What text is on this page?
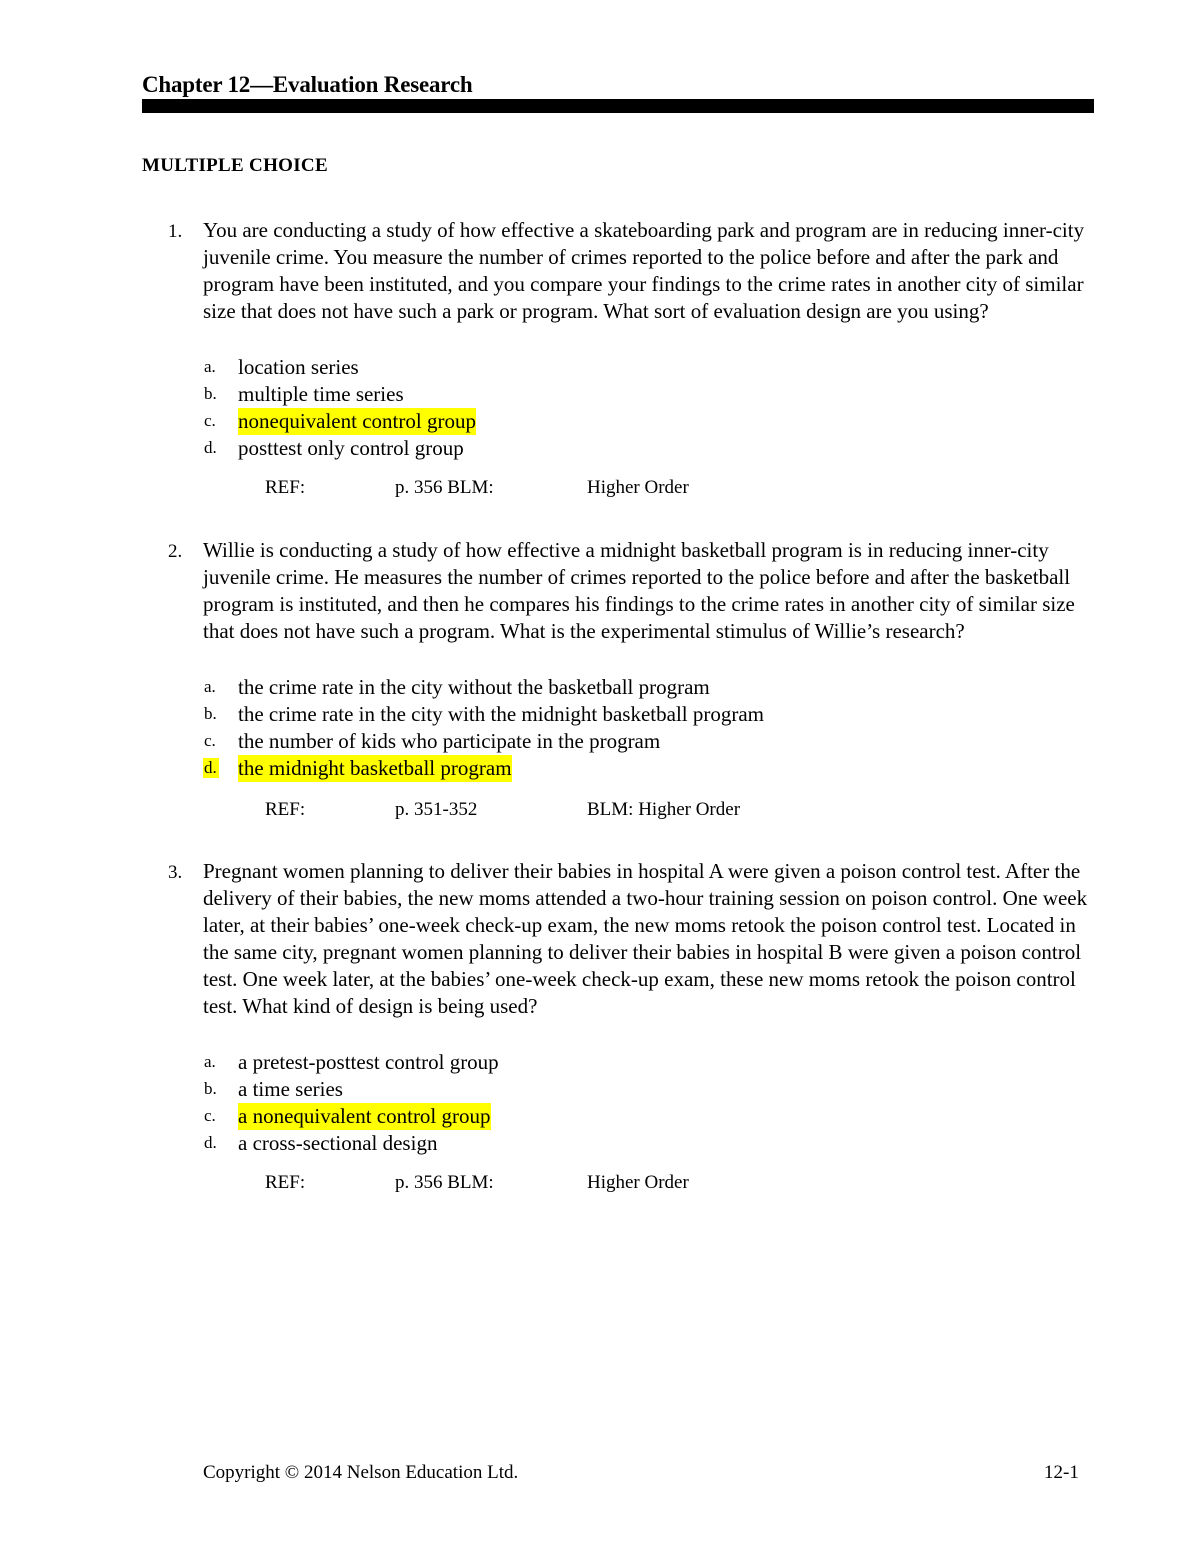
Chapter 12—Evaluation Research
MULTIPLE CHOICE
1. You are conducting a study of how effective a skateboarding park and program are in reducing inner-city juvenile crime. You measure the number of crimes reported to the police before and after the park and program have been instituted, and you compare your findings to the crime rates in another city of similar size that does not have such a park or program. What sort of evaluation design are you using?
a. location series
b. multiple time series
c. nonequivalent control group
d. posttest only control group
REF:	p. 356 BLM:	Higher Order
2. Willie is conducting a study of how effective a midnight basketball program is in reducing inner-city juvenile crime. He measures the number of crimes reported to the police before and after the basketball program is instituted, and then he compares his findings to the crime rates in another city of similar size that does not have such a program. What is the experimental stimulus of Willie’s research?
a. the crime rate in the city without the basketball program
b. the crime rate in the city with the midnight basketball program
c. the number of kids who participate in the program
d. the midnight basketball program
REF:	p. 351-352	BLM: Higher Order
3. Pregnant women planning to deliver their babies in hospital A were given a poison control test. After the delivery of their babies, the new moms attended a two-hour training session on poison control. One week later, at their babies’ one-week check-up exam, the new moms retook the poison control test. Located in the same city, pregnant women planning to deliver their babies in hospital B were given a poison control test. One week later, at the babies’ one-week check-up exam, these new moms retook the poison control test. What kind of design is being used?
a. a pretest-posttest control group
b. a time series
c. a nonequivalent control group
d. a cross-sectional design
REF:	p. 356 BLM:	Higher Order
Copyright © 2014 Nelson Education Ltd.	12-1
